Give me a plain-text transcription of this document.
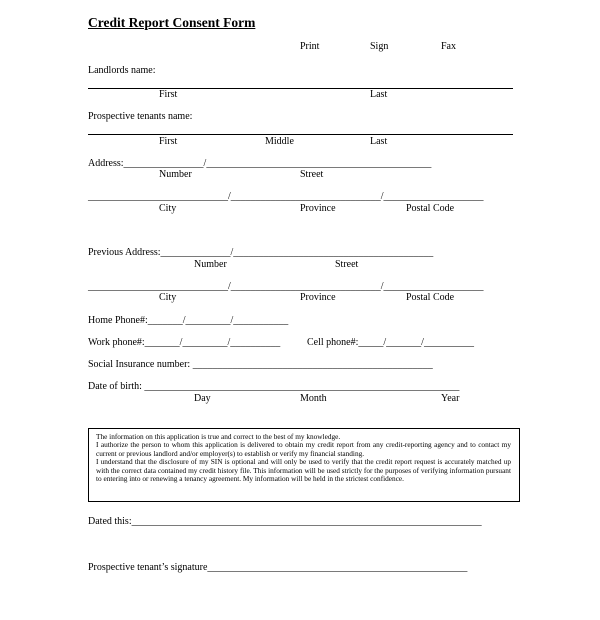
Credit Report Consent Form
Print	Sign	Fax
Landlords name:
First	Last
Prospective tenants name:
First	Middle	Last
Address:________________/_____________________________________________
Number	Street
____________________________/______________________________/____________________
City	Province	Postal Code
Previous Address:______________/________________________________________
Number	Street
____________________________/______________________________/____________________
City	Province	Postal Code
Home Phone#:_______/_________/___________
Work phone#:_______/_________/__________	Cell phone#:_____/_______/__________
Social Insurance number: ________________________________________________
Date of birth: _______________________________________________________________
Day	Month	Year
The information on this application is true and correct to the best of my knowledge.
I authorize the person to whom this application is delivered to obtain my credit report from any credit-reporting agency and to contact my current or previous landlord and/or employer(s) to establish or verify my financial standing.
I understand that the disclosure of my SIN is optional and will only be used to verify that the credit report request is accurately matched up with the correct data contained my credit history file. This information will be used strictly for the purposes of verifying information pursuant to entering into or renewing a tenancy agreement. My information will be held in the strictest confidence.
Dated this:______________________________________________________________________
Prospective tenant’s signature____________________________________________________
